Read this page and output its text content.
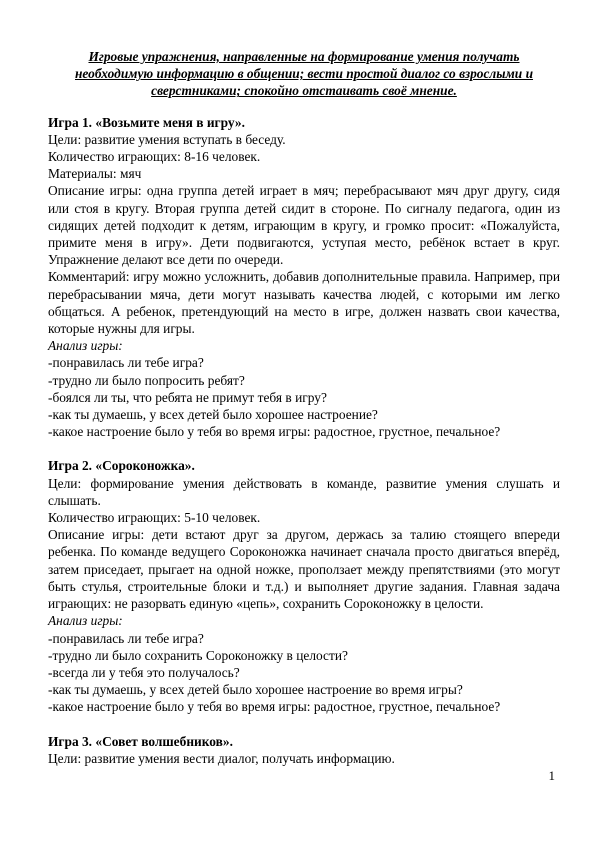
Игровые упражнения, направленные на формирование умения получать необходимую информацию в общении; вести простой диалог со взрослыми и сверстниками; спокойно отстаивать своё мнение.

Игра 1. «Возьмите меня в игру».

Цели: развитие умения вступать в беседу.

Количество играющих: 8-16 человек.

Материалы: мяч

Описание игры: одна группа детей играет в мяч; перебрасывают мяч друг другу, сидя или стоя в кругу. Вторая группа детей сидит в стороне. По сигналу педагога, один из сидящих детей подходит к детям, играющим в кругу, и громко просит: «Пожалуйста, примите меня в игру». Дети подвигаются, уступая место, ребёнок встает в круг. Упражнение делают все дети по очереди.

Комментарий: игру можно усложнить, добавив дополнительные правила. Например, при перебрасывании мяча, дети могут называть качества людей, с которыми им легко общаться. А ребенок, претендующий на место в игре, должен назвать свои качества, которые нужны для игры.

Анализ игры:

-понравилась ли тебе игра?

-трудно ли было попросить ребят?

-боялся ли ты, что ребята не примут тебя в игру?

-как ты думаешь, у всех детей было хорошее настроение?

-какое настроение было у тебя во время игры: радостное, грустное, печальное?

Игра 2. «Сороконожка».

Цели: формирование умения действовать в команде, развитие умения слушать и слышать.

Количество играющих: 5-10 человек.

Описание игры: дети встают друг за другом, держась за талию стоящего впереди ребенка. По команде ведущего Сороконожка начинает сначала просто двигаться вперёд, затем приседает, прыгает на одной ножке, проползает между препятствиями (это могут быть стулья, строительные блоки и т.д.) и выполняет другие задания. Главная задача играющих: не разорвать единую «цепь», сохранить Сороконожку в целости.

Анализ игры:

-понравилась ли тебе игра?

-трудно ли было сохранить Сороконожку в целости?

-всегда ли у тебя это получалось?

-как ты думаешь, у всех детей было хорошее настроение во время игры?

-какое настроение было у тебя во время игры: радостное, грустное, печальное?

Игра 3. «Совет волшебников».

Цели: развитие умения вести диалог, получать информацию.

1
